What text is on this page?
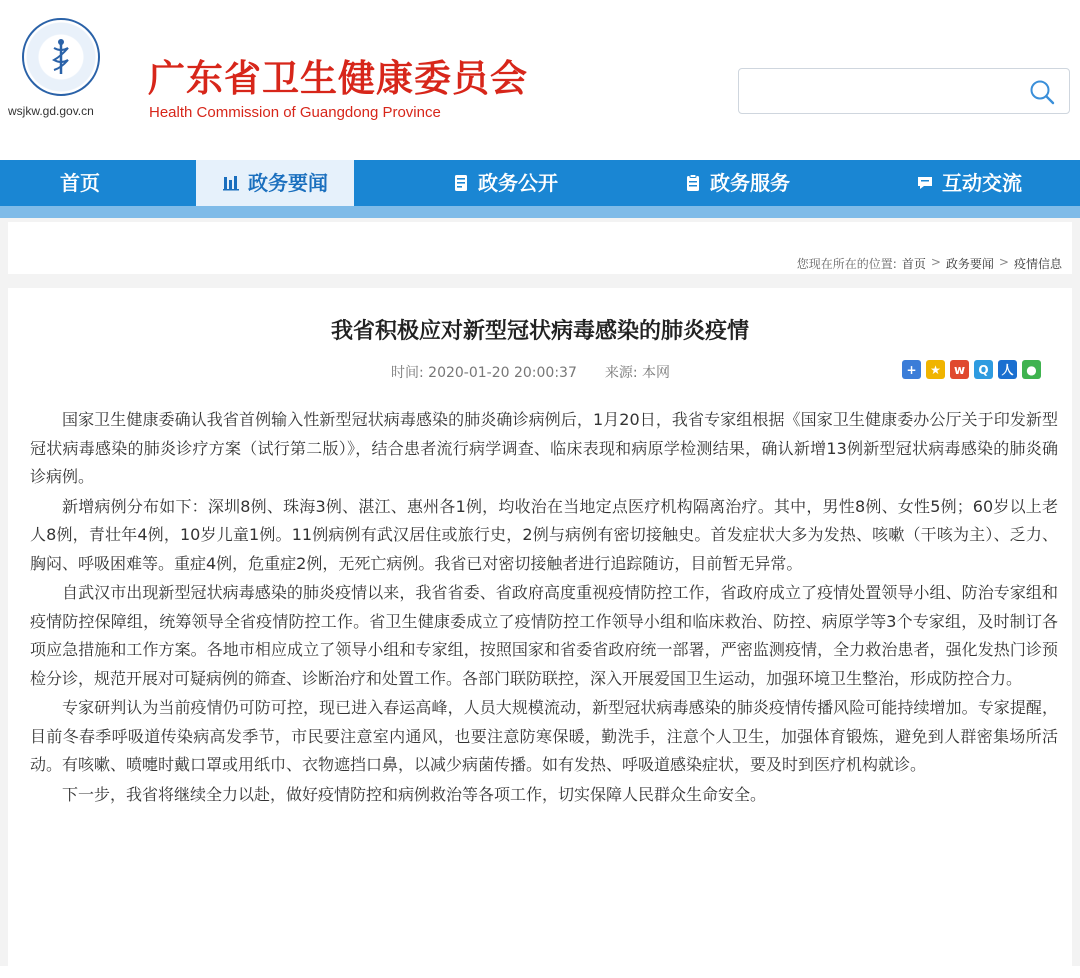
wsjkw.gd.gov.cn
广东省卫生健康委员会
Health Commission of Guangdong Province
首页	政务要闻	政务公开	政务服务	互动交流
您现在所在的位置: 首页 > 政务要闻 > 疫情信息
我省积极应对新型冠状病毒感染的肺炎疫情
时间: 2020-01-20 20:00:37 来源: 本网	+	★	w	Q	人	●

国家卫生健康委确认我省首例输入性新型冠状病毒感染的肺炎确诊病例后，1月20日，我省专家组根据《国家卫生健康委办公厅关于印发新型冠状病毒感染的肺炎诊疗方案（试行第二版）》，结合患者流行病学调查、临床表现和病原学检测结果，确认新增13例新型冠状病毒感染的肺炎确诊病例。

新增病例分布如下：深圳8例、珠海3例、湛江、惠州各1例，均收治在当地定点医疗机构隔离治疗。其中，男性8例、女性5例；60岁以上老人8例，青壮年4例，10岁儿童1例。11例病例有武汉居住或旅行史，2例与病例有密切接触史。首发症状大多为发热、咳嗽（干咳为主）、乏力、胸闷、呼吸困难等。重症4例，危重症2例，无死亡病例。我省已对密切接触者进行追踪随访，目前暂无异常。

自武汉市出现新型冠状病毒感染的肺炎疫情以来，我省省委、省政府高度重视疫情防控工作，省政府成立了疫情处置领导小组、防治专家组和疫情防控保障组，统筹领导全省疫情防控工作。省卫生健康委成立了疫情防控工作领导小组和临床救治、防控、病原学等3个专家组，及时制订各项应急措施和工作方案。各地市相应成立了领导小组和专家组，按照国家和省委省政府统一部署，严密监测疫情，全力救治患者，强化发热门诊预检分诊，规范开展对可疑病例的筛查、诊断治疗和处置工作。各部门联防联控，深入开展爱国卫生运动，加强环境卫生整治，形成防控合力。

专家研判认为当前疫情仍可防可控，现已进入春运高峰，人员大规模流动，新型冠状病毒感染的肺炎疫情传播风险可能持续增加。专家提醒，目前冬春季呼吸道传染病高发季节，市民要注意室内通风，也要注意防寒保暖，勤洗手，注意个人卫生，加强体育锻炼，避免到人群密集场所活动。有咳嗽、喷嚏时戴口罩或用纸巾、衣物遮挡口鼻，以减少病菌传播。如有发热、呼吸道感染症状，要及时到医疗机构就诊。

下一步，我省将继续全力以赴，做好疫情防控和病例救治等各项工作，切实保障人民群众生命安全。
